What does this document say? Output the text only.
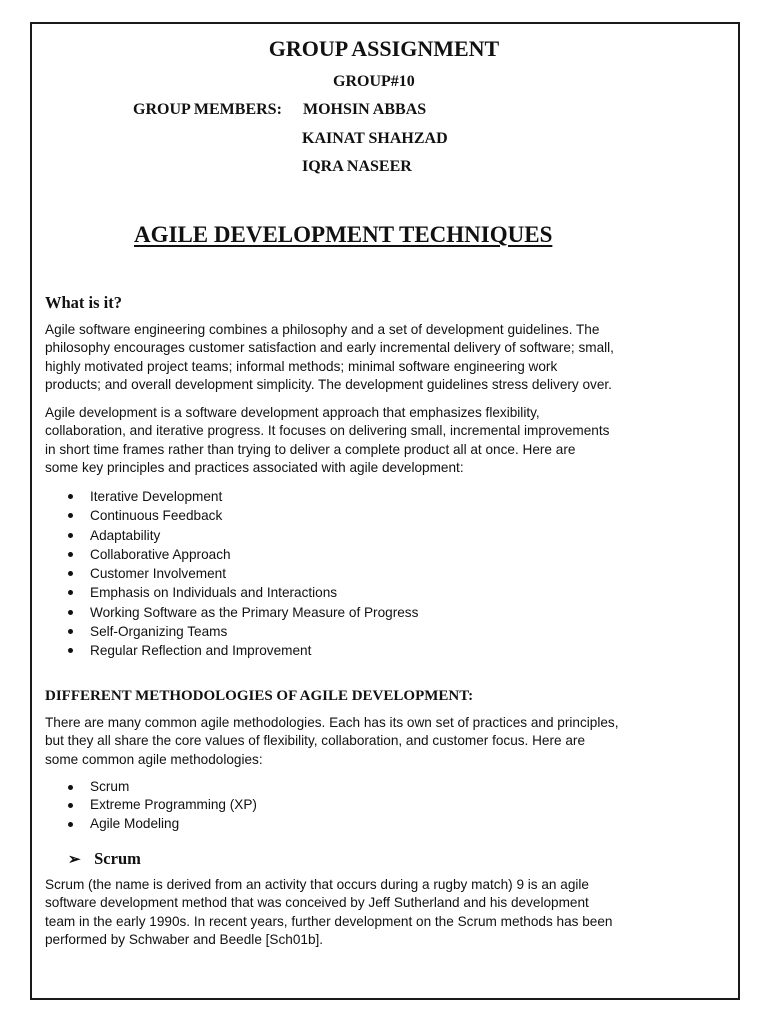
GROUP ASSIGNMENT
GROUP#10
GROUP MEMBERS: MOHSIN ABBAS
KAINAT SHAHZAD
IQRA NASEER
AGILE DEVELOPMENT TECHNIQUES
What is it?

Agile software engineering combines a philosophy and a set of development guidelines. The
philosophy encourages customer satisfaction and early incremental delivery of software; small,
highly motivated project teams; informal methods; minimal software engineering work
products; and overall development simplicity. The development guidelines stress delivery over.

Agile development is a software development approach that emphasizes flexibility,
collaboration, and iterative progress. It focuses on delivering small, incremental improvements
in short time frames rather than trying to deliver a complete product all at once. Here are
some key principles and practices associated with agile development:

Iterative Development
Continuous Feedback
Adaptability
Collaborative Approach
Customer Involvement
Emphasis on Individuals and Interactions
Working Software as the Primary Measure of Progress
Self-Organizing Teams
Regular Reflection and Improvement
DIFFERENT METHODOLOGIES OF AGILE DEVELOPMENT:

There are many common agile methodologies. Each has its own set of practices and principles,
but they all share the core values of flexibility, collaboration, and customer focus. Here are
some common agile methodologies:

Scrum
Extreme Programming (XP)
Agile Modeling
➢ Scrum

Scrum (the name is derived from an activity that occurs during a rugby match) 9 is an agile
software development method that was conceived by Jeff Sutherland and his development
team in the early 1990s. In recent years, further development on the Scrum methods has been
performed by Schwaber and Beedle [Sch01b].
